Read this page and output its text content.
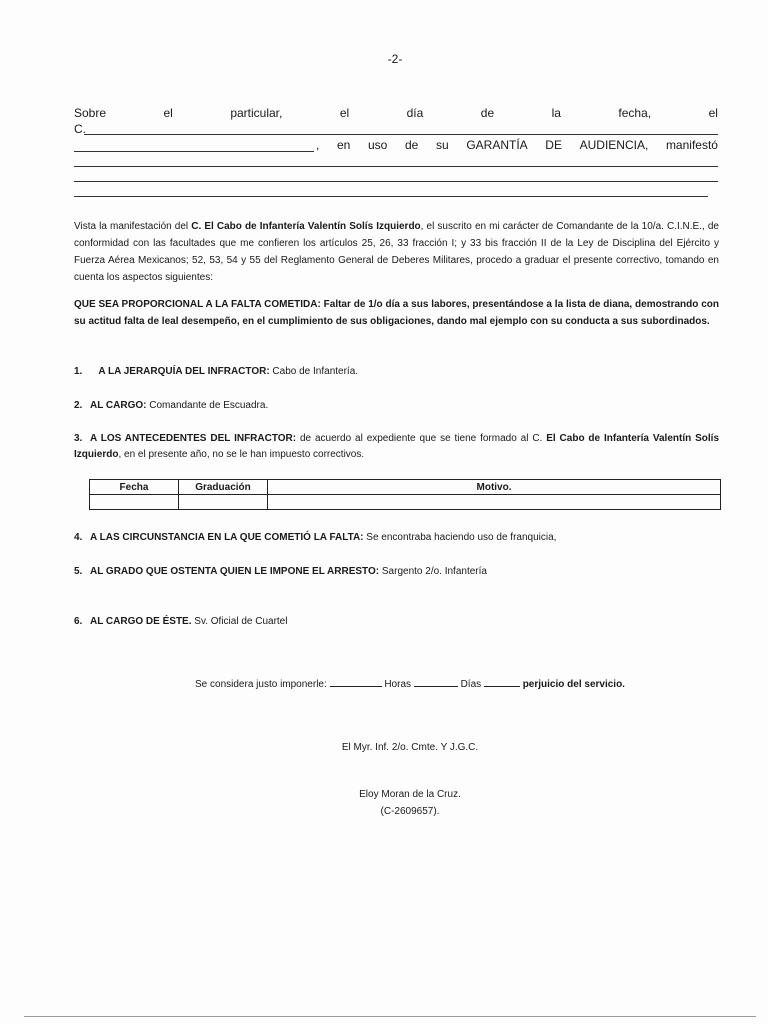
-2-
Sobre	el	particular,	el	día	de	la	fecha,	el
C.
, en uso de su GARANTÍA DE AUDIENCIA, manifestó

Vista la manifestación del C. El Cabo de Infantería Valentín Solís Izquierdo, el suscrito en mi carácter de Comandante de la 10/a. C.I.N.E., de conformidad con las facultades que me confieren los artículos 25, 26, 33 fracción I; y 33 bis fracción II de la Ley de Disciplina del Ejército y Fuerza Aérea Mexicanos; 52, 53, 54 y 55 del Reglamento General de Deberes Militares, procedo a graduar el presente correctivo, tomando en cuenta los aspectos siguientes:

QUE SEA PROPORCIONAL A LA FALTA COMETIDA: Faltar de 1/o día a sus labores, presentándose a la lista de diana, demostrando con su actitud falta de leal desempeño, en el cumplimiento de sus obligaciones, dando mal ejemplo con su conducta a sus subordinados.

1. A LA JERARQUÍA DEL INFRACTOR: Cabo de Infantería.

2. AL CARGO: Comandante de Escuadra.

3. A LOS ANTECEDENTES DEL INFRACTOR: de acuerdo al expediente que se tiene formado al C. El Cabo de Infantería Valentín Solís Izquierdo, en el presente año, no se le han impuesto correctivos.

Fecha	Graduación	Motivo.

4. A LAS CIRCUNSTANCIA EN LA QUE COMETIÓ LA FALTA: Se encontraba haciendo uso de franquicia,

5. AL GRADO QUE OSTENTA QUIEN LE IMPONE EL ARRESTO: Sargento 2/o. Infantería

6. AL CARGO DE ÉSTE. Sv. Oficial de Cuartel

Se considera justo imponerle:	Horas	Días	perjuicio del servicio.
El Myr. Inf. 2/o. Cmte. Y J.G.C.
Eloy Moran de la Cruz.
(C-2609657).
